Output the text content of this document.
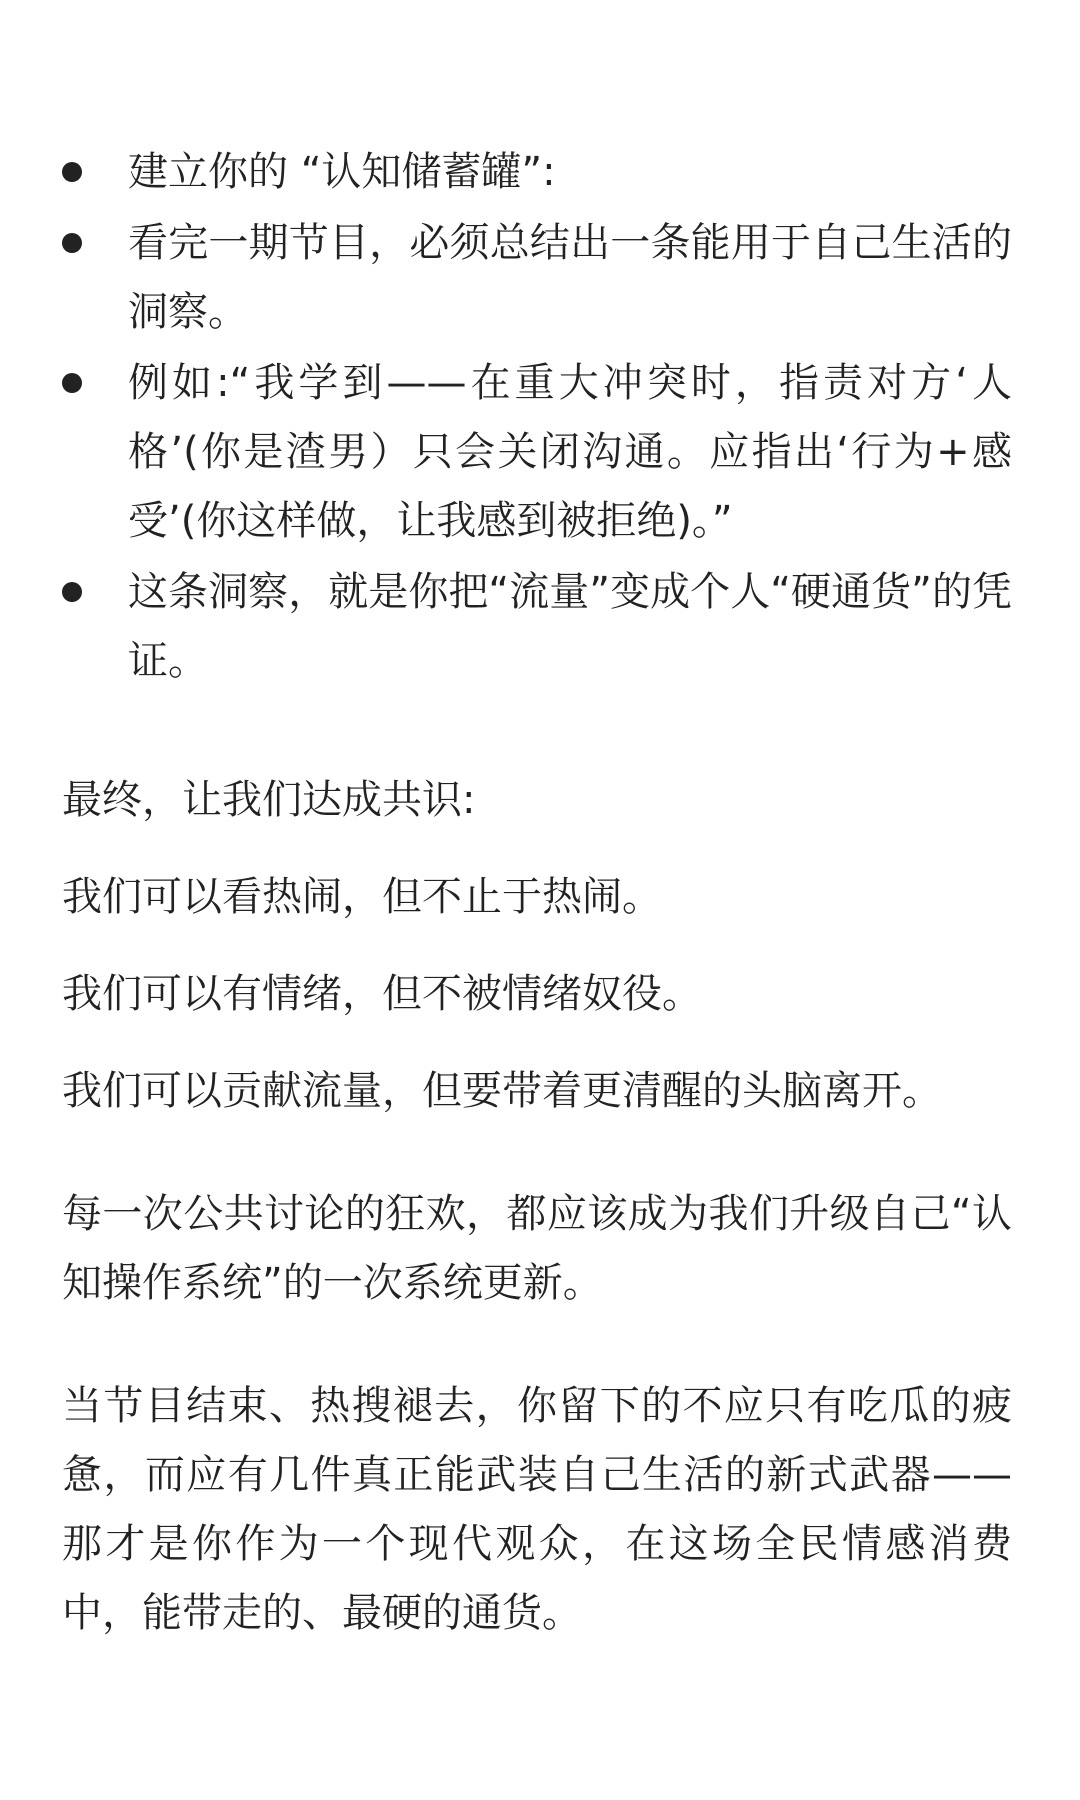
建立你的 “认知储蓄罐”:
看完一期节目，必须总结出一条能用于自己生活的洞察。
例如:“我学到——在重大冲突时，指责对方‘人格’(你是渣男）只会关闭沟通。应指出‘行为+感受’(你这样做，让我感到被拒绝)。”
这条洞察，就是你把“流量”变成个人“硬通货”的凭证。

最终，让我们达成共识:

我们可以看热闹，但不止于热闹。

我们可以有情绪，但不被情绪奴役。

我们可以贡献流量，但要带着更清醒的头脑离开。

每一次公共讨论的狂欢，都应该成为我们升级自己“认知操作系统”的一次系统更新。

当节目结束、热搜褪去，你留下的不应只有吃瓜的疲惫，而应有几件真正能武装自己生活的新式武器——那才是你作为一个现代观众，在这场全民情感消费中，能带走的、最硬的通货。
